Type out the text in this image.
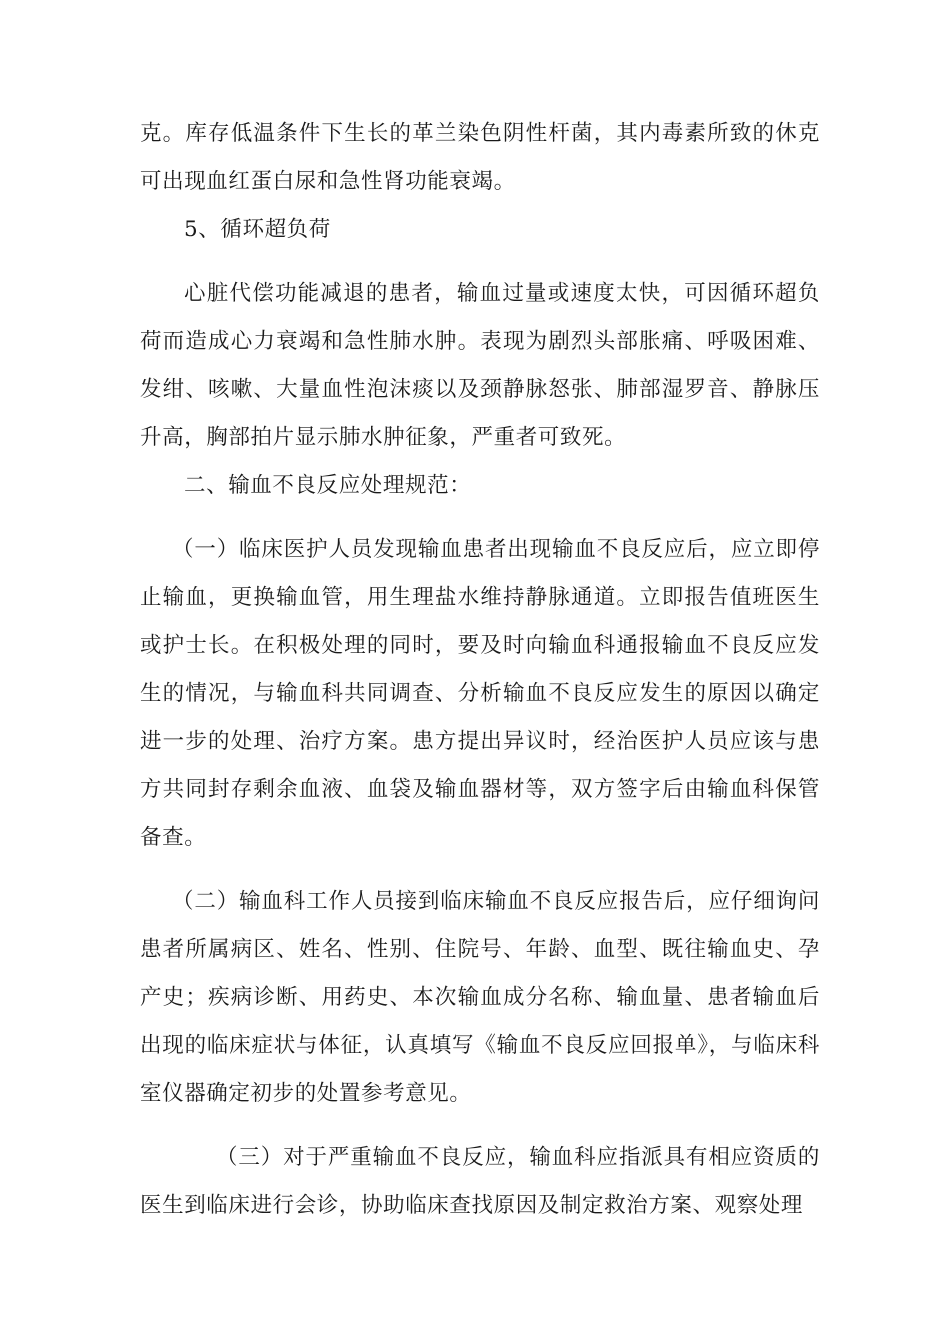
克。库存低温条件下生长的革兰染色阴性杆菌，其内毒素所致的休克可出现血红蛋白尿和急性肾功能衰竭。

5、循环超负荷

心脏代偿功能减退的患者，输血过量或速度太快，可因循环超负荷而造成心力衰竭和急性肺水肿。表现为剧烈头部胀痛、呼吸困难、发绀、咳嗽、大量血性泡沫痰以及颈静脉怒张、肺部湿罗音、静脉压升高，胸部拍片显示肺水肿征象，严重者可致死。

二、输血不良反应处理规范：

（一）临床医护人员发现输血患者出现输血不良反应后，应立即停止输血，更换输血管，用生理盐水维持静脉通道。立即报告值班医生或护士长。在积极处理的同时，要及时向输血科通报输血不良反应发生的情况，与输血科共同调查、分析输血不良反应发生的原因以确定进一步的处理、治疗方案。患方提出异议时，经治医护人员应该与患方共同封存剩余血液、血袋及输血器材等，双方签字后由输血科保管备查。

（二）输血科工作人员接到临床输血不良反应报告后，应仔细询问患者所属病区、姓名、性别、住院号、年龄、血型、既往输血史、孕产史；疾病诊断、用药史、本次输血成分名称、输血量、患者输血后出现的临床症状与体征，认真填写《输血不良反应回报单》，与临床科室仪器确定初步的处置参考意见。

（三）对于严重输血不良反应，输血科应指派具有相应资质的医生到临床进行会诊，协助临床查找原因及制定救治方案、观察处理
